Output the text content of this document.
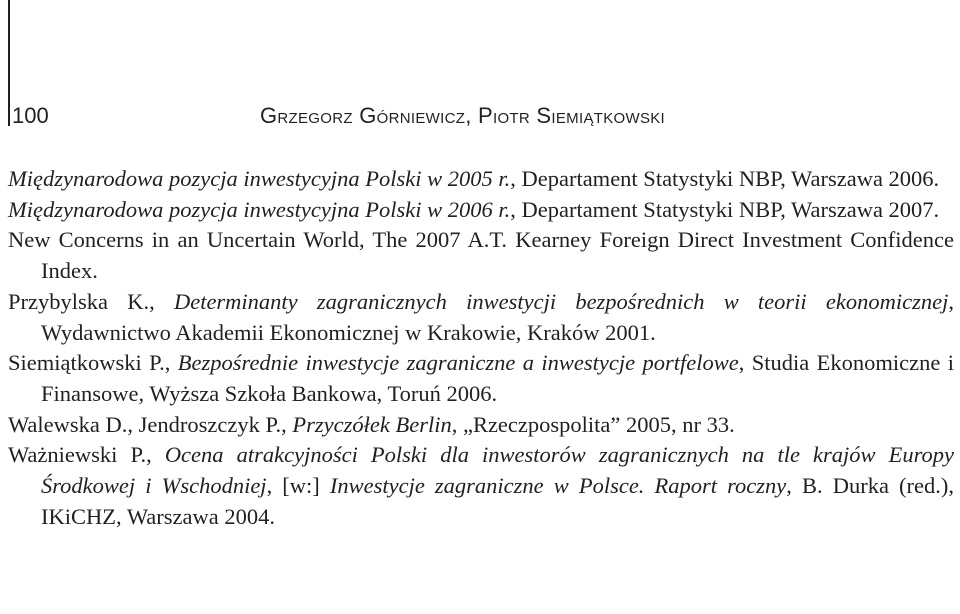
100	Grzegorz Górniewicz, Piotr Siemiątkowski
Międzynarodowa pozycja inwestycyjna Polski w 2005 r., Departament Statystyki NBP, Warszawa 2006.
Międzynarodowa pozycja inwestycyjna Polski w 2006 r., Departament Statystyki NBP, Warszawa 2007.
New Concerns in an Uncertain World, The 2007 A.T. Kearney Foreign Direct Investment Confidence Index.
Przybylska K., Determinanty zagranicznych inwestycji bezpośrednich w teorii ekonomicznej, Wydawnictwo Akademii Ekonomicznej w Krakowie, Kraków 2001.
Siemiątkowski P., Bezpośrednie inwestycje zagraniczne a inwestycje portfelowe, Studia Ekonomiczne i Finansowe, Wyższa Szkoła Bankowa, Toruń 2006.
Walewska D., Jendroszczyk P., Przyczółek Berlin, „Rzeczpospolita” 2005, nr 33.
Ważniewski P., Ocena atrakcyjności Polski dla inwestorów zagranicznych na tle krajów Europy Środkowej i Wschodniej, [w:] Inwestycje zagraniczne w Polsce. Raport roczny, B. Durka (red.), IKiCHZ, Warszawa 2004.
